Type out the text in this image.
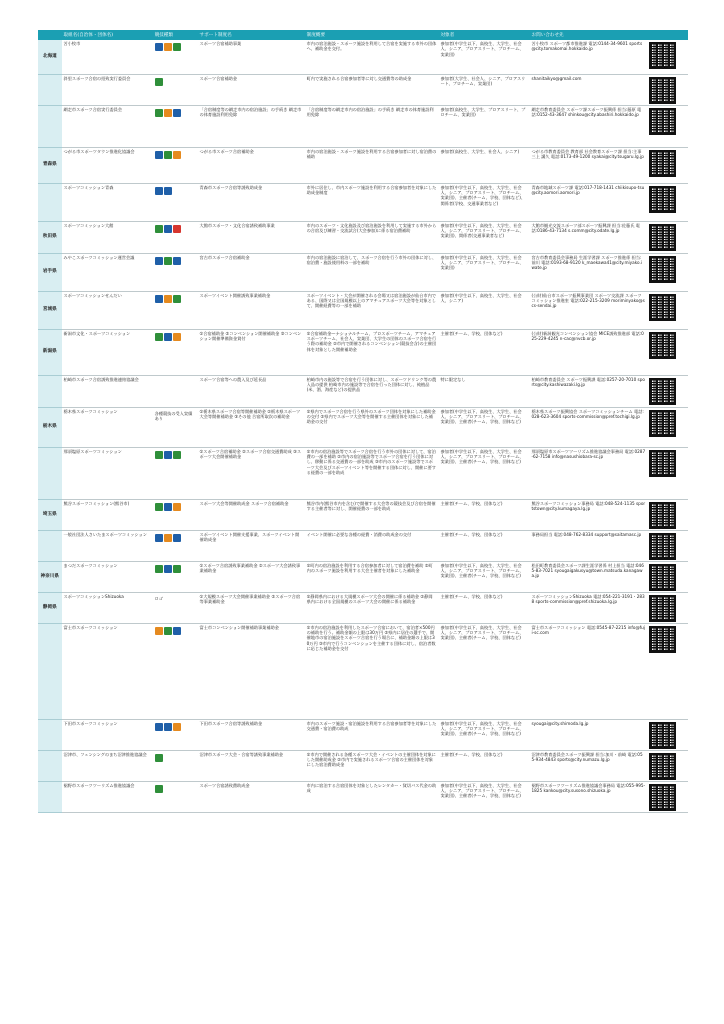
	取組名(自治体・団体名)	競技種類	サポート制度名	制度概要	対象者	お問い合わせ先	
北海道	苫小牧市		スポーツ合宿補助事業	市内の宿泊施設・スポーツ施設を利用して合宿を実施する市外の団体へ、補助金を交付。	参加者(中学生以下、高校生、大学生、社会人、シニア、プロアスリート、プロチーム、実業団)	苫小牧市 スポーツ都市推進課 電話:0144-34-9601 sports@city.tomakomai.hokkaido.jp	

	斜里スポーツ合宿の招致実行委員会		スポーツ合宿補助金	町内で実施される合宿参加者等に対し交通費等の助成金	参加者(大学生、社会人、シニア、プロアスリート、プロチーム、実業団)	shanitaikyo@gmail.com	

	網走市スポーツ合宿実行委員会		「合宿制度等の網走市内の宿泊施設」の手続き 網走市の体育施設利用免除	「合宿制度等の網走市内の宿泊施設」の手続き 網走市の体育施設利用免除	参加者(高校生、大学生、プロアスリート、プロチーム、実業団)	網走市教育委員会 スポーツ課スポーツ振興係 担当:藤原 電話:0152-43-3647 shinkou@city.abashiri.hokkaido.jp	

青森県	つがる市スポーツタウン推進化協議会		つがる市スポーツ合宿補助金	市内の宿泊施設・スポーツ施設を利用する合宿参加者に対し宿泊費の補助	参加者(高校生、大学生、社会人、シニア)	つがる市教育委員会 教育部 社会教育スポーツ課 担当:主事 三上 講久 電話:0173-49-1200 syakai@city.tsugaru.lg.jp	

	スポーツコミッション青森		青森市スポーツ合宿等誘致助成金	市外に居住し、市内スポーツ施設を利用する合宿参加者を対象にした助成金制度	参加者(中学生以下、高校生、大学生、社会人、シニア、プロアスリート、プロチーム、実業団)、主催者(チーム、学校、団体など)、関係者(学校、交通事業者など)	青森市地域スポーツ課 電話:017-718-1431 chiikisupo-tsu@city.aomori.aomori.jp	

秋田県	スポーツコミッション大館		大館市スポーツ・文化合宿誘致補助事業	市内のスポーツ・文化施設及び宿泊施設を利用して実施する市外からの合宿及び練習・交流試合(大会参加)に係る宿泊費補助	参加者(中学生以下、高校生、大学生、社会人、シニア、プロアスリート、プロチーム、実業団)、関係者(交通事業者など)	大館市観光交流スポーツ部スポーツ振興課 担当:佐藤氏 電話:0186-43-7134 s.comm@city.odate.lg.jp	

岩手県	みやこスポーツコミッション運営会議		宮古市スポーツ合宿補助金	市内の宿泊施設に宿泊して、スポーツ合宿を行う市外の団体に対し、宿泊費・施設使用料の一部を補助	参加者(中学生以下、高校生、大学生、社会人、シニア、プロアスリート、プロチーム、実業団)	宮古市教育委員会事務局 生涯学習課 スポーツ推進係 担当:前川 電話:0193-68-9120 k_maekawa41@city.miyako.iwate.jp	

宮城県	スポーツコミッションせんだい		スポーツイベント開催誘致事業補助金	スポーツイベント・大会が開催される会場又は宿泊施設が仙台市内である、国際又は全国規模以上のアマチュアスポーツ大会等を対象として、開催経費等の一部を補助	参加者(中学生以下、高校生、大学生、社会人、シニア)	(公財)仙台市スポーツ振興事業団 スポーツ交流課 スポーツコミッション推進室 電話:022-215-3209 moriminyako@scs-sendai.jp	

新潟県	新潟市文化・スポーツコミッション		①合宿補助金 ②コンベンション開催補助金 ③コンベンション開催準備資金貸付	①合宿補助金—ナショナルチーム、プロスポーツチーム、アマチュアスポーツチーム、社会人、実業団、大学生の団体のスポーツ合宿を行う際の補助金 ②市内で開催されるコンベンション(競技会含)の主催団体を対象とした開催補助金	主催者(チーム、学校、団体など)	(公財)新潟観光コンベンション協会 MICE誘致推進部 電話:025-229-4245 n-cac@nvcb.or.jp	

	柏崎市スポーツ合宿誘致推進連絡協議会		スポーツ合宿等への農入及び延長品	柏崎市内の施設等で合宿を行う団体に対し、スポーツドリンク等の農入品の提供 柏崎市内の施設等で合宿を行った団体に対し、純植品(米、酒、海産など)の提供品	特に限定なし	柏崎市教育委員会 スポーツ振興課 電話:0257-20-7010 sports@city.kashiwazaki.lg.jp	

栃木県	栃木県スポーツコミッション	各種競技の受入実績あり	①栃木県スポーツ合宿等開催補助金 ②栃木県スポーツ大会等開催補助金 ③その他 合宿所取次の補助金	①県内でスポーツ合宿を行う県外のスポーツ団体を対象にした補助金の交付 ②県内でスポーツ大会等を開催する主催団体を対象にした補助金の交付	参加者(中学生以下、高校生、大学生、社会人、シニア、プロアスリート、プロチーム、実業団)、主催者(チーム、学校、団体など)	栃木県スポーツ振興協会 スポーツコミッションチーム 電話:028-623-3604 sports-commission@pref.tochigi.lg.jp	

	那須塩原スポーツコミッション		①スポーツ合宿補助金 ②スポーツ合宿交通費助成 ③スポーツ大会開催補助金	①市内の宿泊施設等でスポーツ合宿を行う市外の団体に対して、宿泊費の一部を補助 ②市内の宿泊施設等でスポーツ合宿を行う団体に対し、移動に係る交通費の一部を助成 ③市内のスポーツ施設等でスポーツ大会及びスポーツイベント等を開催する団体に対し、開催に要する経費の一部を助成	参加者(中学生以下、高校生、大学生、社会人、シニア、プロアスリート、プロチーム、実業団)、主催者(チーム、学校、団体など)	那須塩原市スポーツツーリズム推進協議会事務局 電話:0287-62-7158 info@nasushiobara-sc.jp	

埼玉県	熊谷スポーツコミッション(熊谷市)		スポーツ大会等開催助成金 スポーツ合宿補助金	熊谷市内(熊谷市内を含む)で開催する大会等の競技会及び合宿を開催する主催者等に対し、開催経費の一部を助成	主催者(チーム、学校、団体など)	熊谷スポーツコミッション事務局 電話:048-524-1135 sportstown@city.kumagaya.lg.jp	

	一般社団法人さいたまスポーツコミッション		スポーツイベント開催支援事業、スポーツイベント開催助成金	イベント開催に必要な各種の経費・消費の助成金の交付	主催者(チーム、学校、団体など)	事務局担当 電話:048-762-8334 support@saitamasc.jp	

神奈川県	まつだスポーツコミッション		①スポーツ合宿誘致事業補助金 ②スポーツ大会誘致事業補助金	①町内の宿泊施設を利用する合宿参加者に対して宿泊費を補助 ②町内のスポーツ施設を利用する大会主催者を対象にした補助金	参加者(中学生以下、高校生、大学生、社会人、シニア、プロアスリート、プロチーム、実業団)、主催者(チーム、学校、団体など)	松田町教育委員会スポーツ課生涯学習係 村上担当 電話:0465-83-7021 syougaigakusyu@town.matsuda.kanagawa.jp	

静岡県	スポーツコミッションShizuoka	ロゴ	①大規模スポーツ大会開催事業補助金 ②スポーツ合宿等事業補助金	①静岡県内における大規模スポーツ大会の開催に係る補助金 ②静岡県内における全国規模のスポーツ大会の開催に係る補助金	主催者(チーム、学校、団体など)	スポーツコミッションShizuoka 電話:054-221-3191・2838 sports-commission@pref.shizuoka.lg.jp	

	富士市スポーツコミッション		富士市コンベンション開催補助事業補助金	①市内の宿泊施設を利用したスポーツ合宿において、宿泊者×500円の補助を行う。補助金額の上限は30万円 ②県内に居住の選手で、開催地市の宿泊施設をスポーツ合宿を行う場合に、補助金額の上限は30万円 ③市内で行うコンベンションを主催する団体に対し、宿泊者数に応じた補助金を交付	参加者(中学生以下、高校生、大学生、社会人、シニア、プロアスリート、プロチーム、実業団)、主催者(チーム、学校、団体など)	富士市スポーツコミッション 電話:0545-87-2215 info@fuji-sc.com	

	下田市スポーツコミッション		下田市スポーツ合宿等誘致補助金	市内のスポーツ施設・宿泊施設を利用する合宿参加者等を対象にした交通費・宿泊費の助成	参加者(中学生以下、高校生、大学生、社会人、シニア、プロアスリート、プロチーム、実業団)、主催者(チーム、学校、団体など)	syougai@city.shimoda.lg.jp	

	沼津市、フェンシングのまち沼津推進協議会		沼津市スポーツ大会・合宿等誘致事業補助金	①市内で開催される各種スポーツ大会・イベントの主催団体を対象にした開催助成金 ②市内で実施されるスポーツ合宿の主催団体を対象にした宿泊費助成金	主催者(チーム、学校、団体など)	沼津市教育委員会スポーツ振興課 担当:加川・前崎 電話:055-934-4843 sports@city.numazu.lg.jp	

	裾野市スポーツツーリズム推進協議会		スポーツ合宿誘致費助成金	市内に宿泊する合宿団体を対象としたレンタカー・貸切バス代金の助成	参加者(中学生以下、高校生、大学生、社会人、シニア、プロアスリート、プロチーム、実業団)、主催者(チーム、学校、団体など)	裾野市スポーツツーリズム推進協議会事務局 電話:055-995-1825 kankou@city.susono.shizuoka.jp	
